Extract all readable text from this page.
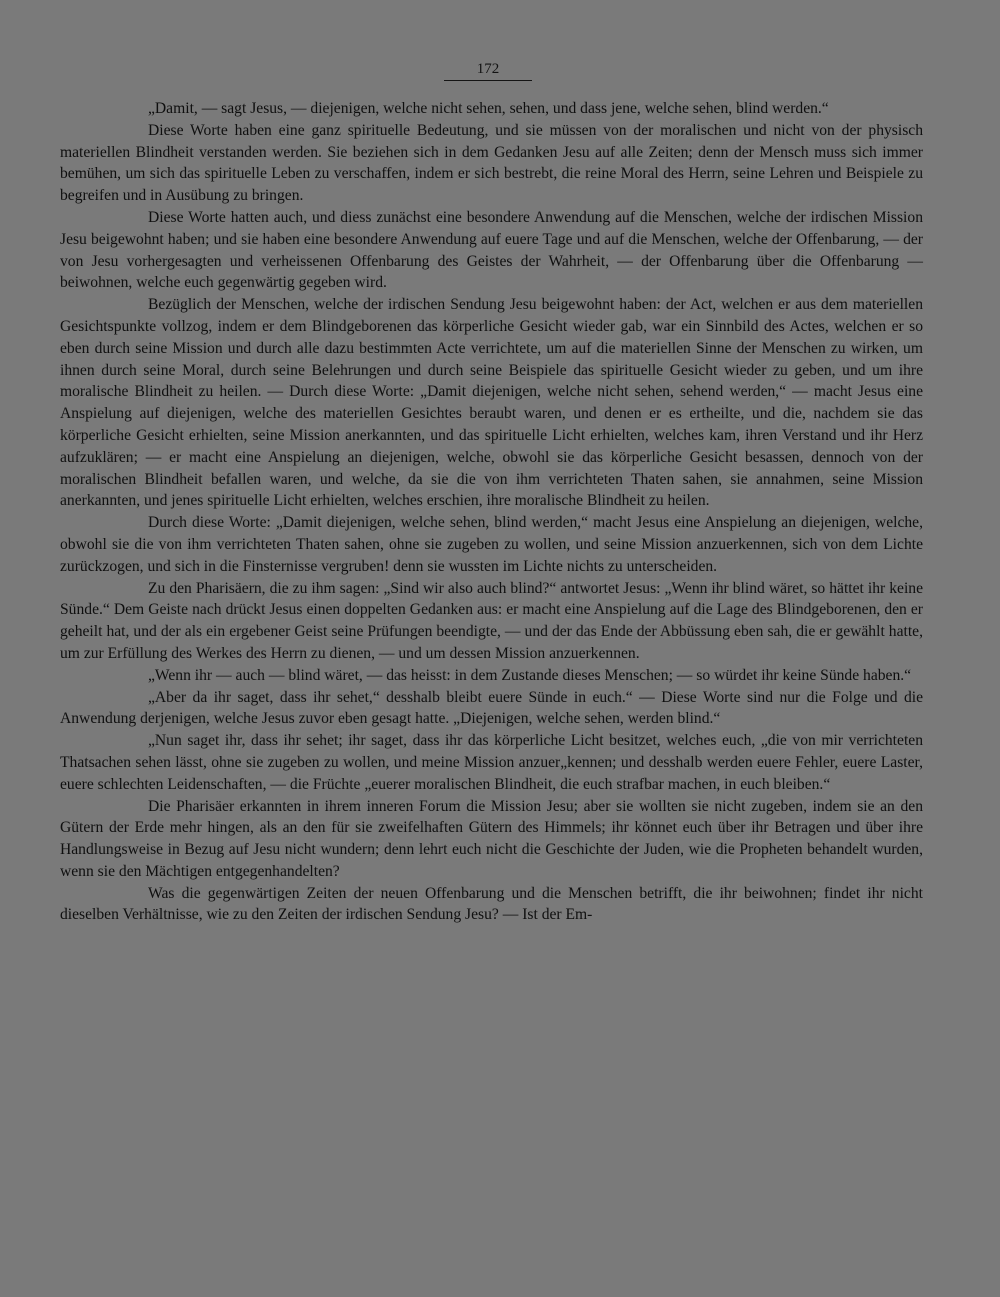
172

„Damit, — sagt Jesus, — diejenigen, welche nicht sehen, sehen, und dass jene, welche sehen, blind werden.“

Diese Worte haben eine ganz spirituelle Bedeutung, und sie müssen von der moralischen und nicht von der physisch materiellen Blindheit verstanden werden. Sie beziehen sich in dem Gedanken Jesu auf alle Zeiten; denn der Mensch muss sich immer bemühen, um sich das spirituelle Leben zu verschaffen, indem er sich bestrebt, die reine Moral des Herrn, seine Lehren und Beispiele zu begreifen und in Ausübung zu bringen.

Diese Worte hatten auch, und diess zunächst eine besondere Anwendung auf die Menschen, welche der irdischen Mission Jesu beigewohnt haben; und sie haben eine besondere Anwendung auf euere Tage und auf die Menschen, welche der Offenbarung, — der von Jesu vorhergesagten und verheissenen Offenbarung des Geistes der Wahrheit, — der Offenbarung über die Offenbarung — beiwohnen, welche euch gegenwärtig gegeben wird.

Bezüglich der Menschen, welche der irdischen Sendung Jesu beigewohnt haben: der Act, welchen er aus dem materiellen Gesichtspunkte vollzog, indem er dem Blindgeborenen das körperliche Gesicht wieder gab, war ein Sinnbild des Actes, welchen er so eben durch seine Mission und durch alle dazu bestimmten Acte verrichtete, um auf die materiellen Sinne der Menschen zu wirken, um ihnen durch seine Moral, durch seine Belehrungen und durch seine Beispiele das spirituelle Gesicht wieder zu geben, und um ihre moralische Blindheit zu heilen. — Durch diese Worte: „Damit diejenigen, welche nicht sehen, sehend werden,“ — macht Jesus eine Anspielung auf diejenigen, welche des materiellen Gesichtes beraubt waren, und denen er es ertheilte, und die, nachdem sie das körperliche Gesicht erhielten, seine Mission anerkannten, und das spirituelle Licht erhielten, welches kam, ihren Verstand und ihr Herz aufzuklären; — er macht eine Anspielung an diejenigen, welche, obwohl sie das körperliche Gesicht besassen, dennoch von der moralischen Blindheit befallen waren, und welche, da sie die von ihm verrichteten Thaten sahen, sie annahmen, seine Mission anerkannten, und jenes spirituelle Licht erhielten, welches erschien, ihre moralische Blindheit zu heilen.

Durch diese Worte: „Damit diejenigen, welche sehen, blind werden,“ macht Jesus eine Anspielung an diejenigen, welche, obwohl sie die von ihm verrichteten Thaten sahen, ohne sie zugeben zu wollen, und seine Mission anzuerkennen, sich von dem Lichte zurückzogen, und sich in die Finsternisse vergruben! denn sie wussten im Lichte nichts zu unterscheiden.

Zu den Pharisäern, die zu ihm sagen: „Sind wir also auch blind?“ antwortet Jesus: „Wenn ihr blind wäret, so hättet ihr keine Sünde.“ Dem Geiste nach drückt Jesus einen doppelten Gedanken aus: er macht eine Anspielung auf die Lage des Blindgeborenen, den er geheilt hat, und der als ein ergebener Geist seine Prüfungen beendigte, — und der das Ende der Abbüssung eben sah, die er gewählt hatte, um zur Erfüllung des Werkes des Herrn zu dienen, — und um dessen Mission anzuerkennen.

„Wenn ihr — auch — blind wäret, — das heisst: in dem Zustande dieses Menschen; — so würdet ihr keine Sünde haben.“

„Aber da ihr saget, dass ihr sehet,“ desshalb bleibt euere Sünde in euch.“ — Diese Worte sind nur die Folge und die Anwendung derjenigen, welche Jesus zuvor eben gesagt hatte. „Diejenigen, welche sehen, werden blind.“

„Nun saget ihr, dass ihr sehet; ihr saget, dass ihr das körperliche Licht besitzet, welches euch, „die von mir verrichteten Thatsachen sehen lässt, ohne sie zugeben zu wollen, und meine Mission anzuer„kennen; und desshalb werden euere Fehler, euere Laster, euere schlechten Leidenschaften, — die Früchte „euerer moralischen Blindheit, die euch strafbar machen, in euch bleiben.“

Die Pharisäer erkannten in ihrem inneren Forum die Mission Jesu; aber sie wollten sie nicht zugeben, indem sie an den Gütern der Erde mehr hingen, als an den für sie zweifelhaften Gütern des Himmels; ihr könnet euch über ihr Betragen und über ihre Handlungsweise in Bezug auf Jesu nicht wundern; denn lehrt euch nicht die Geschichte der Juden, wie die Propheten behandelt wurden, wenn sie den Mächtigen entgegenhandelten?

Was die gegenwärtigen Zeiten der neuen Offenbarung und die Menschen betrifft, die ihr beiwohnen; findet ihr nicht dieselben Verhältnisse, wie zu den Zeiten der irdischen Sendung Jesu? — Ist der Em-
